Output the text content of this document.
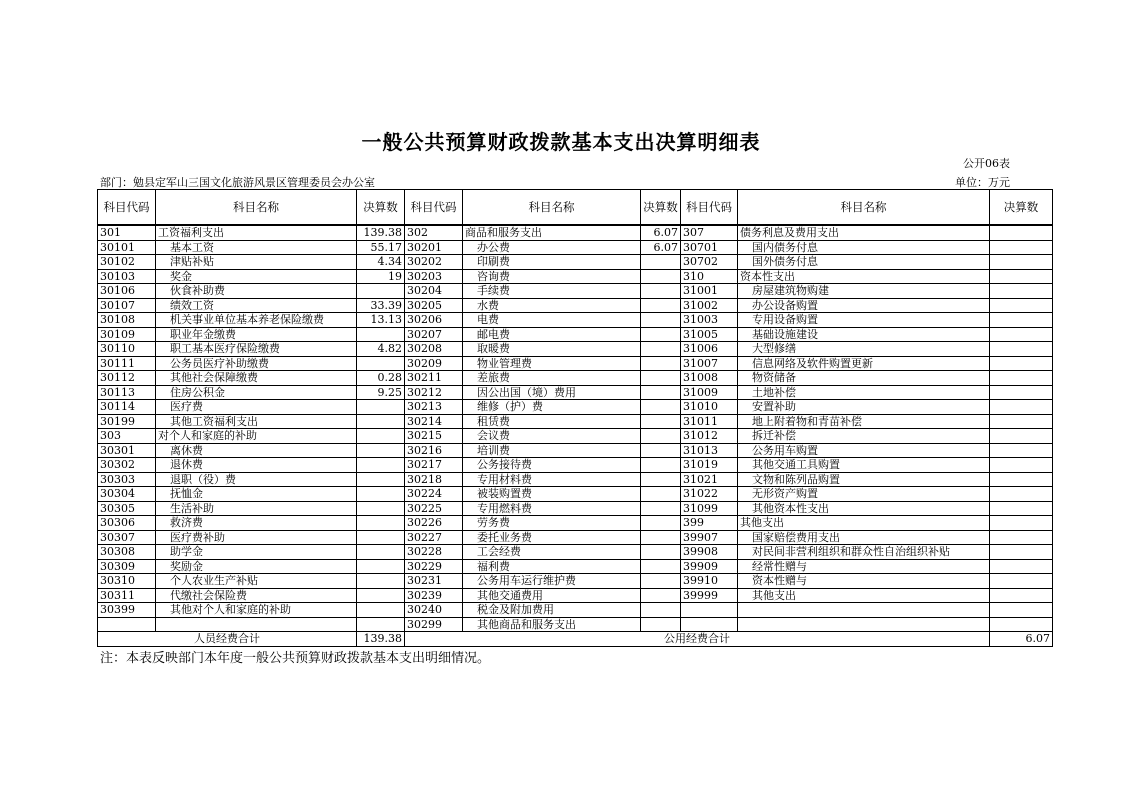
一般公共预算财政拨款基本支出决算明细表
公开06表
部门：勉县定军山三国文化旅游风景区管理委员会办公室	单位：万元
科目代码	科目名称	决算数	科目代码	科目名称	决算数	科目代码	科目名称	决算数
301	工资福利支出	139.38	302	商品和服务支出	6.07	307	债务利息及费用支出	
30101	基本工资	55.17	30201	办公费	6.07	30701	国内债务付息	
30102	津贴补贴	4.34	30202	印刷费		30702	国外债务付息	
30103	奖金	19	30203	咨询费		310	资本性支出	
30106	伙食补助费		30204	手续费		31001	房屋建筑物购建	
30107	绩效工资	33.39	30205	水费		31002	办公设备购置	
30108	机关事业单位基本养老保险缴费	13.13	30206	电费		31003	专用设备购置	
30109	职业年金缴费		30207	邮电费		31005	基础设施建设	
30110	职工基本医疗保险缴费	4.82	30208	取暖费		31006	大型修缮	
30111	公务员医疗补助缴费		30209	物业管理费		31007	信息网络及软件购置更新	
30112	其他社会保障缴费	0.28	30211	差旅费		31008	物资储备	
30113	住房公积金	9.25	30212	因公出国（境）费用		31009	土地补偿	
30114	医疗费		30213	维修（护）费		31010	安置补助	
30199	其他工资福利支出		30214	租赁费		31011	地上附着物和青苗补偿	
303	对个人和家庭的补助		30215	会议费		31012	拆迁补偿	
30301	离休费		30216	培训费		31013	公务用车购置	
30302	退休费		30217	公务接待费		31019	其他交通工具购置	
30303	退职（役）费		30218	专用材料费		31021	文物和陈列品购置	
30304	抚恤金		30224	被装购置费		31022	无形资产购置	
30305	生活补助		30225	专用燃料费		31099	其他资本性支出	
30306	救济费		30226	劳务费		399	其他支出	
30307	医疗费补助		30227	委托业务费		39907	国家赔偿费用支出	
30308	助学金		30228	工会经费		39908	对民间非营利组织和群众性自治组织补贴	
30309	奖励金		30229	福利费		39909	经常性赠与	
30310	个人农业生产补贴		30231	公务用车运行维护费		39910	资本性赠与	
30311	代缴社会保险费		30239	其他交通费用		39999	其他支出	
30399	其他对个人和家庭的补助		30240	税金及附加费用				
			30299	其他商品和服务支出				
人员经费合计		139.38	公用经费合计					6.07
注：本表反映部门本年度一般公共预算财政拨款基本支出明细情况。
